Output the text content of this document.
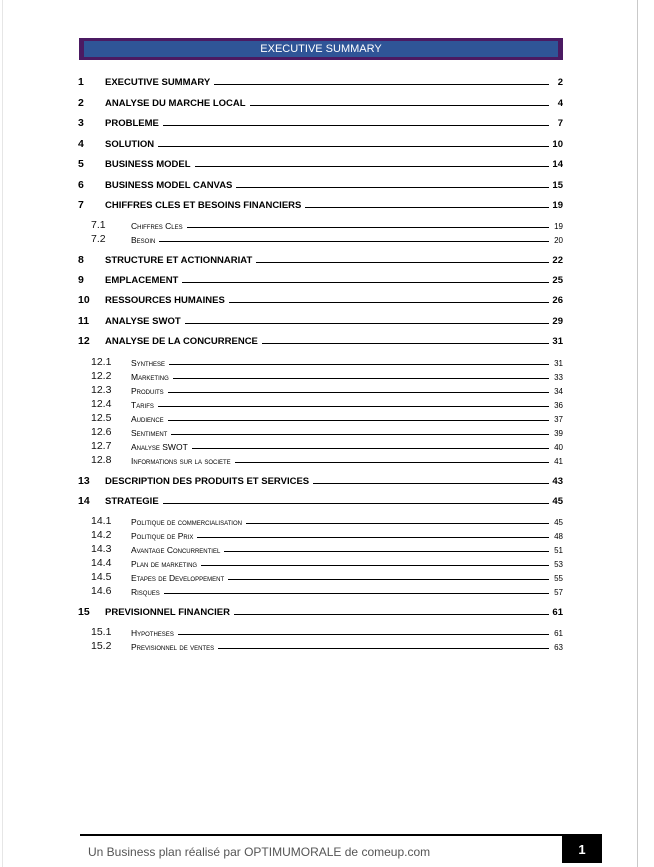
EXECUTIVE SUMMARY
1	EXECUTIVE SUMMARY	2
2	ANALYSE DU MARCHE LOCAL	4
3	PROBLEME	7
4	SOLUTION	10
5	BUSINESS MODEL	14
6	BUSINESS MODEL CANVAS	15
7	CHIFFRES CLES ET BESOINS FINANCIERS	19
7.1	Chiffres Cles	19
7.2	Besoin	20
8	STRUCTURE ET ACTIONNARIAT	22
9	EMPLACEMENT	25
10	RESSOURCES HUMAINES	26
11	ANALYSE SWOT	29
12	ANALYSE DE LA CONCURRENCE	31
12.1	Synthese	31
12.2	Marketing	33
12.3	Produits	34
12.4	Tarifs	36
12.5	Audience	37
12.6	Sentiment	39
12.7	Analyse SWOT	40
12.8	Informations sur la societe	41
13	DESCRIPTION DES PRODUITS ET SERVICES	43
14	STRATEGIE	45
14.1	Politique de commercialisation	45
14.2	Politique de Prix	48
14.3	Avantage Concurrentiel	51
14.4	Plan de marketing	53
14.5	Etapes de Developpement	55
14.6	Risques	57
15	PREVISIONNEL FINANCIER	61
15.1	Hypotheses	61
15.2	Previsionnel de ventes	63
Un Business plan réalisé par OPTIMUMORALE de comeup.com	1
